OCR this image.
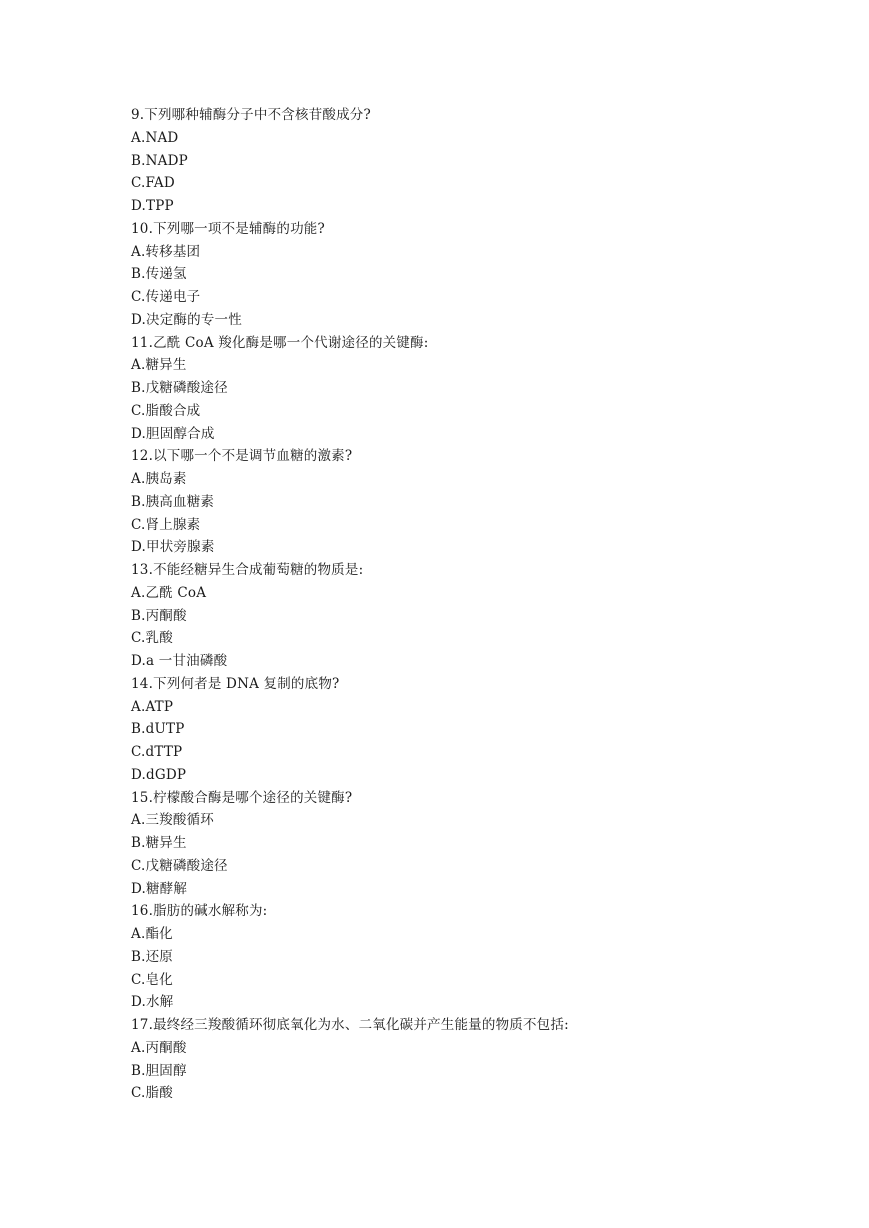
9.下列哪种辅酶分子中不含核苷酸成分?
A.NAD
B.NADP
C.FAD
D.TPP
10.下列哪一项不是辅酶的功能?
A.转移基团
B.传递氢
C.传递电子
D.决定酶的专一性
11.乙酰 CoA 羧化酶是哪一个代谢途径的关键酶:
A.糖异生
B.戊糖磷酸途径
C.脂酸合成
D.胆固醇合成
12.以下哪一个不是调节血糖的激素?
A.胰岛素
B.胰高血糖素
C.肾上腺素
D.甲状旁腺素
13.不能经糖异生合成葡萄糖的物质是:
A.乙酰 CoA
B.丙酮酸
C.乳酸
D.a 一甘油磷酸
14.下列何者是 DNA 复制的底物?
A.ATP
B.dUTP
C.dTTP
D.dGDP
15.柠檬酸合酶是哪个途径的关键酶?
A.三羧酸循环
B.糖异生
C.戊糖磷酸途径
D.糖酵解
16.脂肪的碱水解称为:
A.酯化
B.还原
C.皂化
D.水解
17.最终经三羧酸循环彻底氧化为水、二氧化碳并产生能量的物质不包括:
A.丙酮酸
B.胆固醇
C.脂酸
